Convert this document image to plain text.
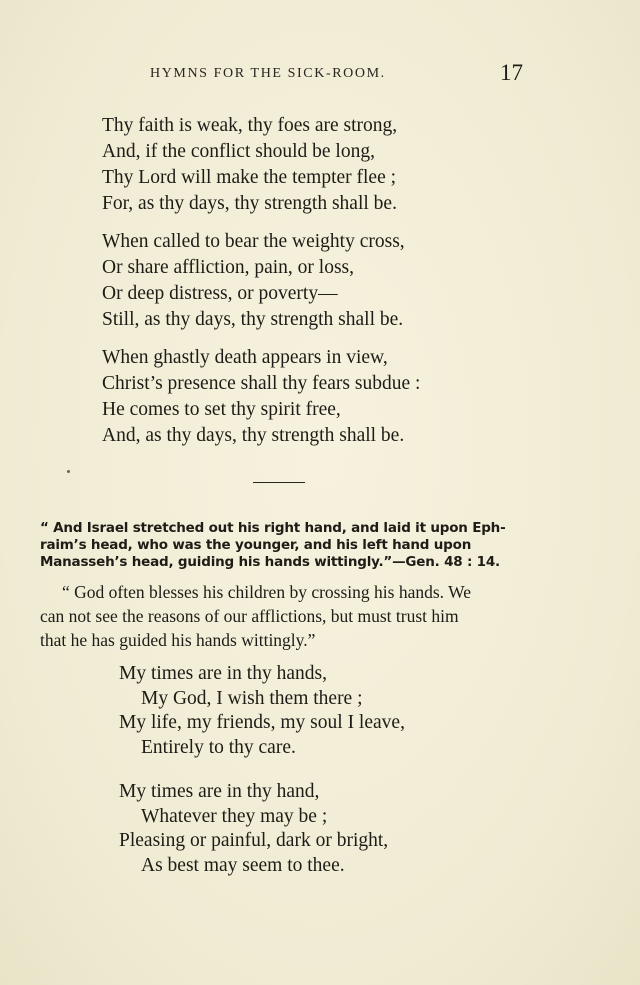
HYMNS FOR THE SICK-ROOM.	17
Thy faith is weak, thy foes are strong,
And, if the conflict should be long,
Thy Lord will make the tempter flee ;
For, as thy days, thy strength shall be.
When called to bear the weighty cross,
Or share affliction, pain, or loss,
Or deep distress, or poverty—
Still, as thy days, thy strength shall be.
When ghastly death appears in view,
Christ’s presence shall thy fears subdue :
He comes to set thy spirit free,
And, as thy days, thy strength shall be.
“ And Israel stretched out his right hand, and laid it upon Eph-
raim’s head, who was the younger, and his left hand upon
Manasseh’s head, guiding his hands wittingly.”—Gen. 48 : 14.
“ God often blesses his children by crossing his hands. We
can not see the reasons of our afflictions, but must trust him
that he has guided his hands wittingly.”
My times are in thy hands,
My God, I wish them there ;
My life, my friends, my soul I leave,
Entirely to thy care.
My times are in thy hand,
Whatever they may be ;
Pleasing or painful, dark or bright,
As best may seem to thee.
